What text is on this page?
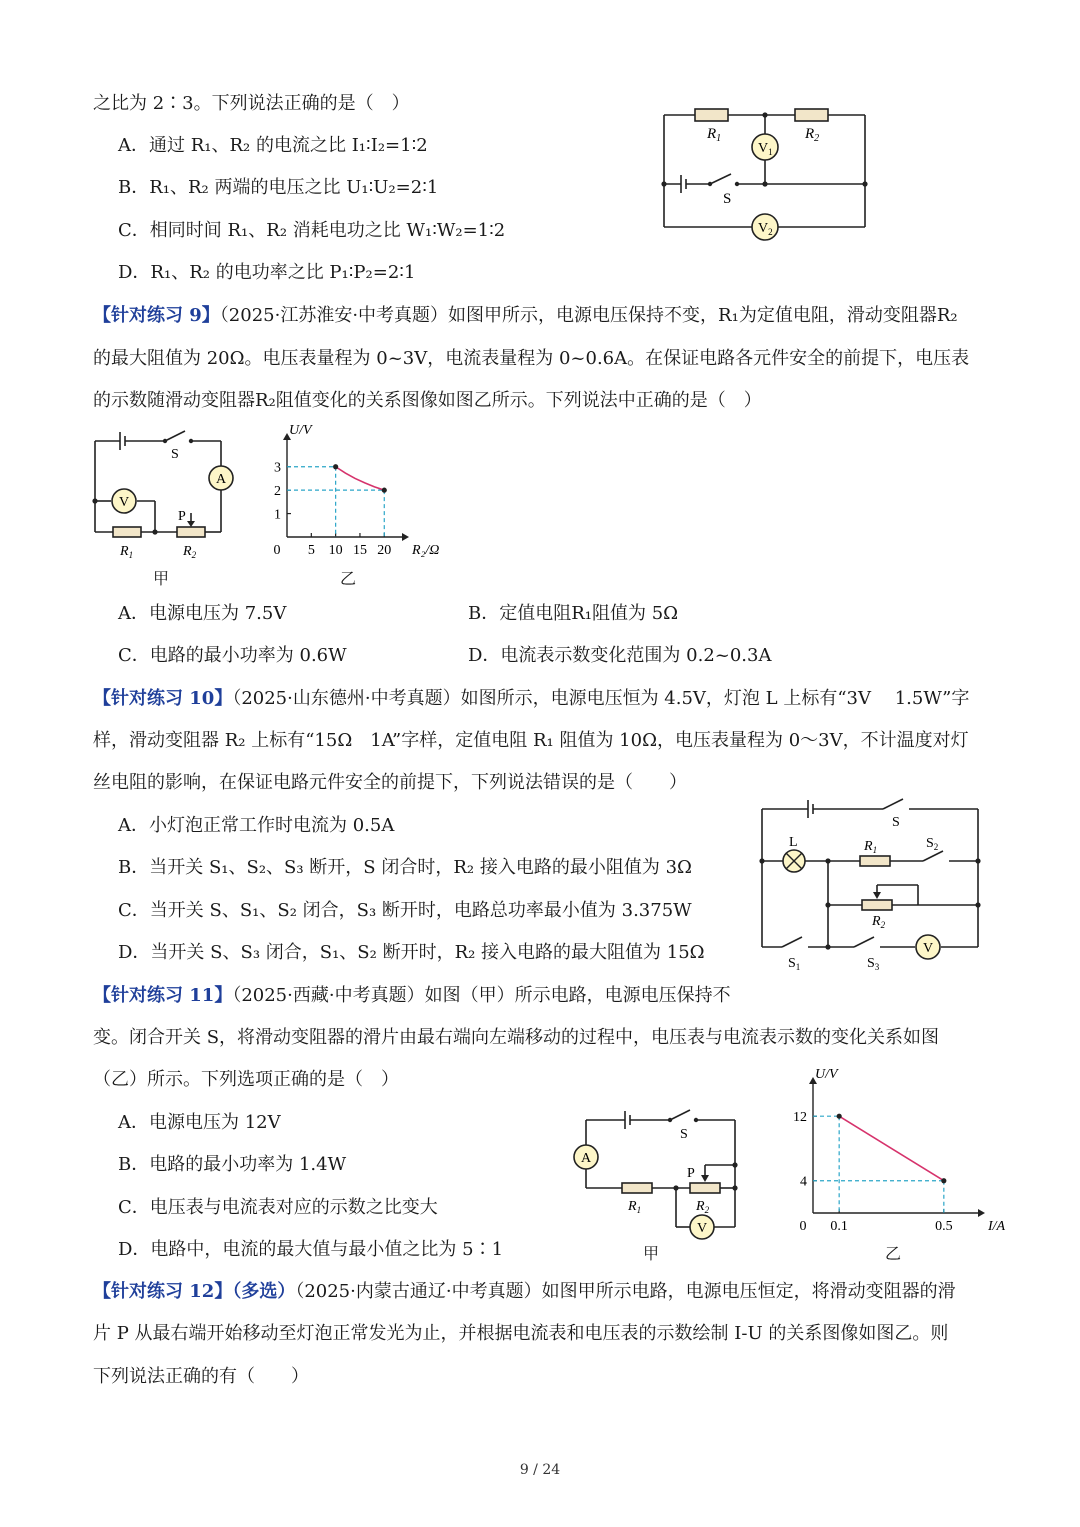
之比为 2∶3。下列说法正确的是（　）
A．通过 R₁、R₂ 的电流之比 I₁∶I₂=1∶2
B．R₁、R₂ 两端的电压之比 U₁∶U₂=2∶1
C．相同时间 R₁、R₂ 消耗电功之比 W₁∶W₂=1∶2
D．R₁、R₂ 的电功率之比 P₁∶P₂=2∶1
$R_1$	$R_2$
$V_1$
$V_2$
S
【针对练习 9】（2025·江苏淮安·中考真题）如图甲所示，电源电压保持不变，R₁为定值电阻，滑动变阻器R₂
的最大阻值为 20Ω。电压表量程为 0~3V，电流表量程为 0~0.6A。在保证电路各元件安全的前提下，电压表
的示数随滑动变阻器R₂阻值变化的关系图像如图乙所示。下列说法中正确的是（　）
A
V
S
P
$R_1$	$R_2$
甲
0 5 10 15 20
1
2
3
U/V
R₂/Ω
乙
A．电源电压为 7.5V	B．定值电阻R₁阻值为 5Ω
C．电路的最小功率为 0.6W	D．电流表示数变化范围为 0.2~0.3A
【针对练习 10】（2025·山东德州·中考真题）如图所示，电源电压恒为 4.5V，灯泡 L 上标有“3V　 1.5W”字
样，滑动变阻器 R₂ 上标有“15Ω　1A”字样，定值电阻 R₁ 阻值为 10Ω，电压表量程为 0～3V，不计温度对灯
丝电阻的影响，在保证电路元件安全的前提下，下列说法错误的是（　　）
A．小灯泡正常工作时电流为 0.5A
B．当开关 S₁、S₂、S₃ 断开，S 闭合时，R₂ 接入电路的最小阻值为 3Ω
C．当开关 S、S₁、S₂ 闭合，S₃ 断开时，电路总功率最小值为 3.375W
D．当开关 S、S₃ 闭合，S₁、S₂ 断开时，R₂ 接入电路的最大阻值为 15Ω	V
S
L	$R_1$
$R_2$
$S_2$
$S_1$	$S_3$
【针对练习 11】（2025·西藏·中考真题）如图（甲）所示电路，电源电压保持不
变。闭合开关 S，将滑动变阻器的滑片由最右端向左端移动的过程中，电压表与电流表示数的变化关系如图
（乙）所示。下列选项正确的是（　）
A．电源电压为 12V
B．电路的最小功率为 1.4W
C．电压表与电流表对应的示数之比变大
D．电路中，电流的最大值与最小值之比为 5∶1
A
V
S
P
$R_1$	$R_2$
甲
0 0.1	0.5
4
12
U/V
I/A
乙
【针对练习 12】（多选）（2025·内蒙古通辽·中考真题）如图甲所示电路，电源电压恒定，将滑动变阻器的滑
片 P 从最右端开始移动至灯泡正常发光为止，并根据电流表和电压表的示数绘制 I-U 的关系图像如图乙。则
下列说法正确的有（　　）
9 / 24
